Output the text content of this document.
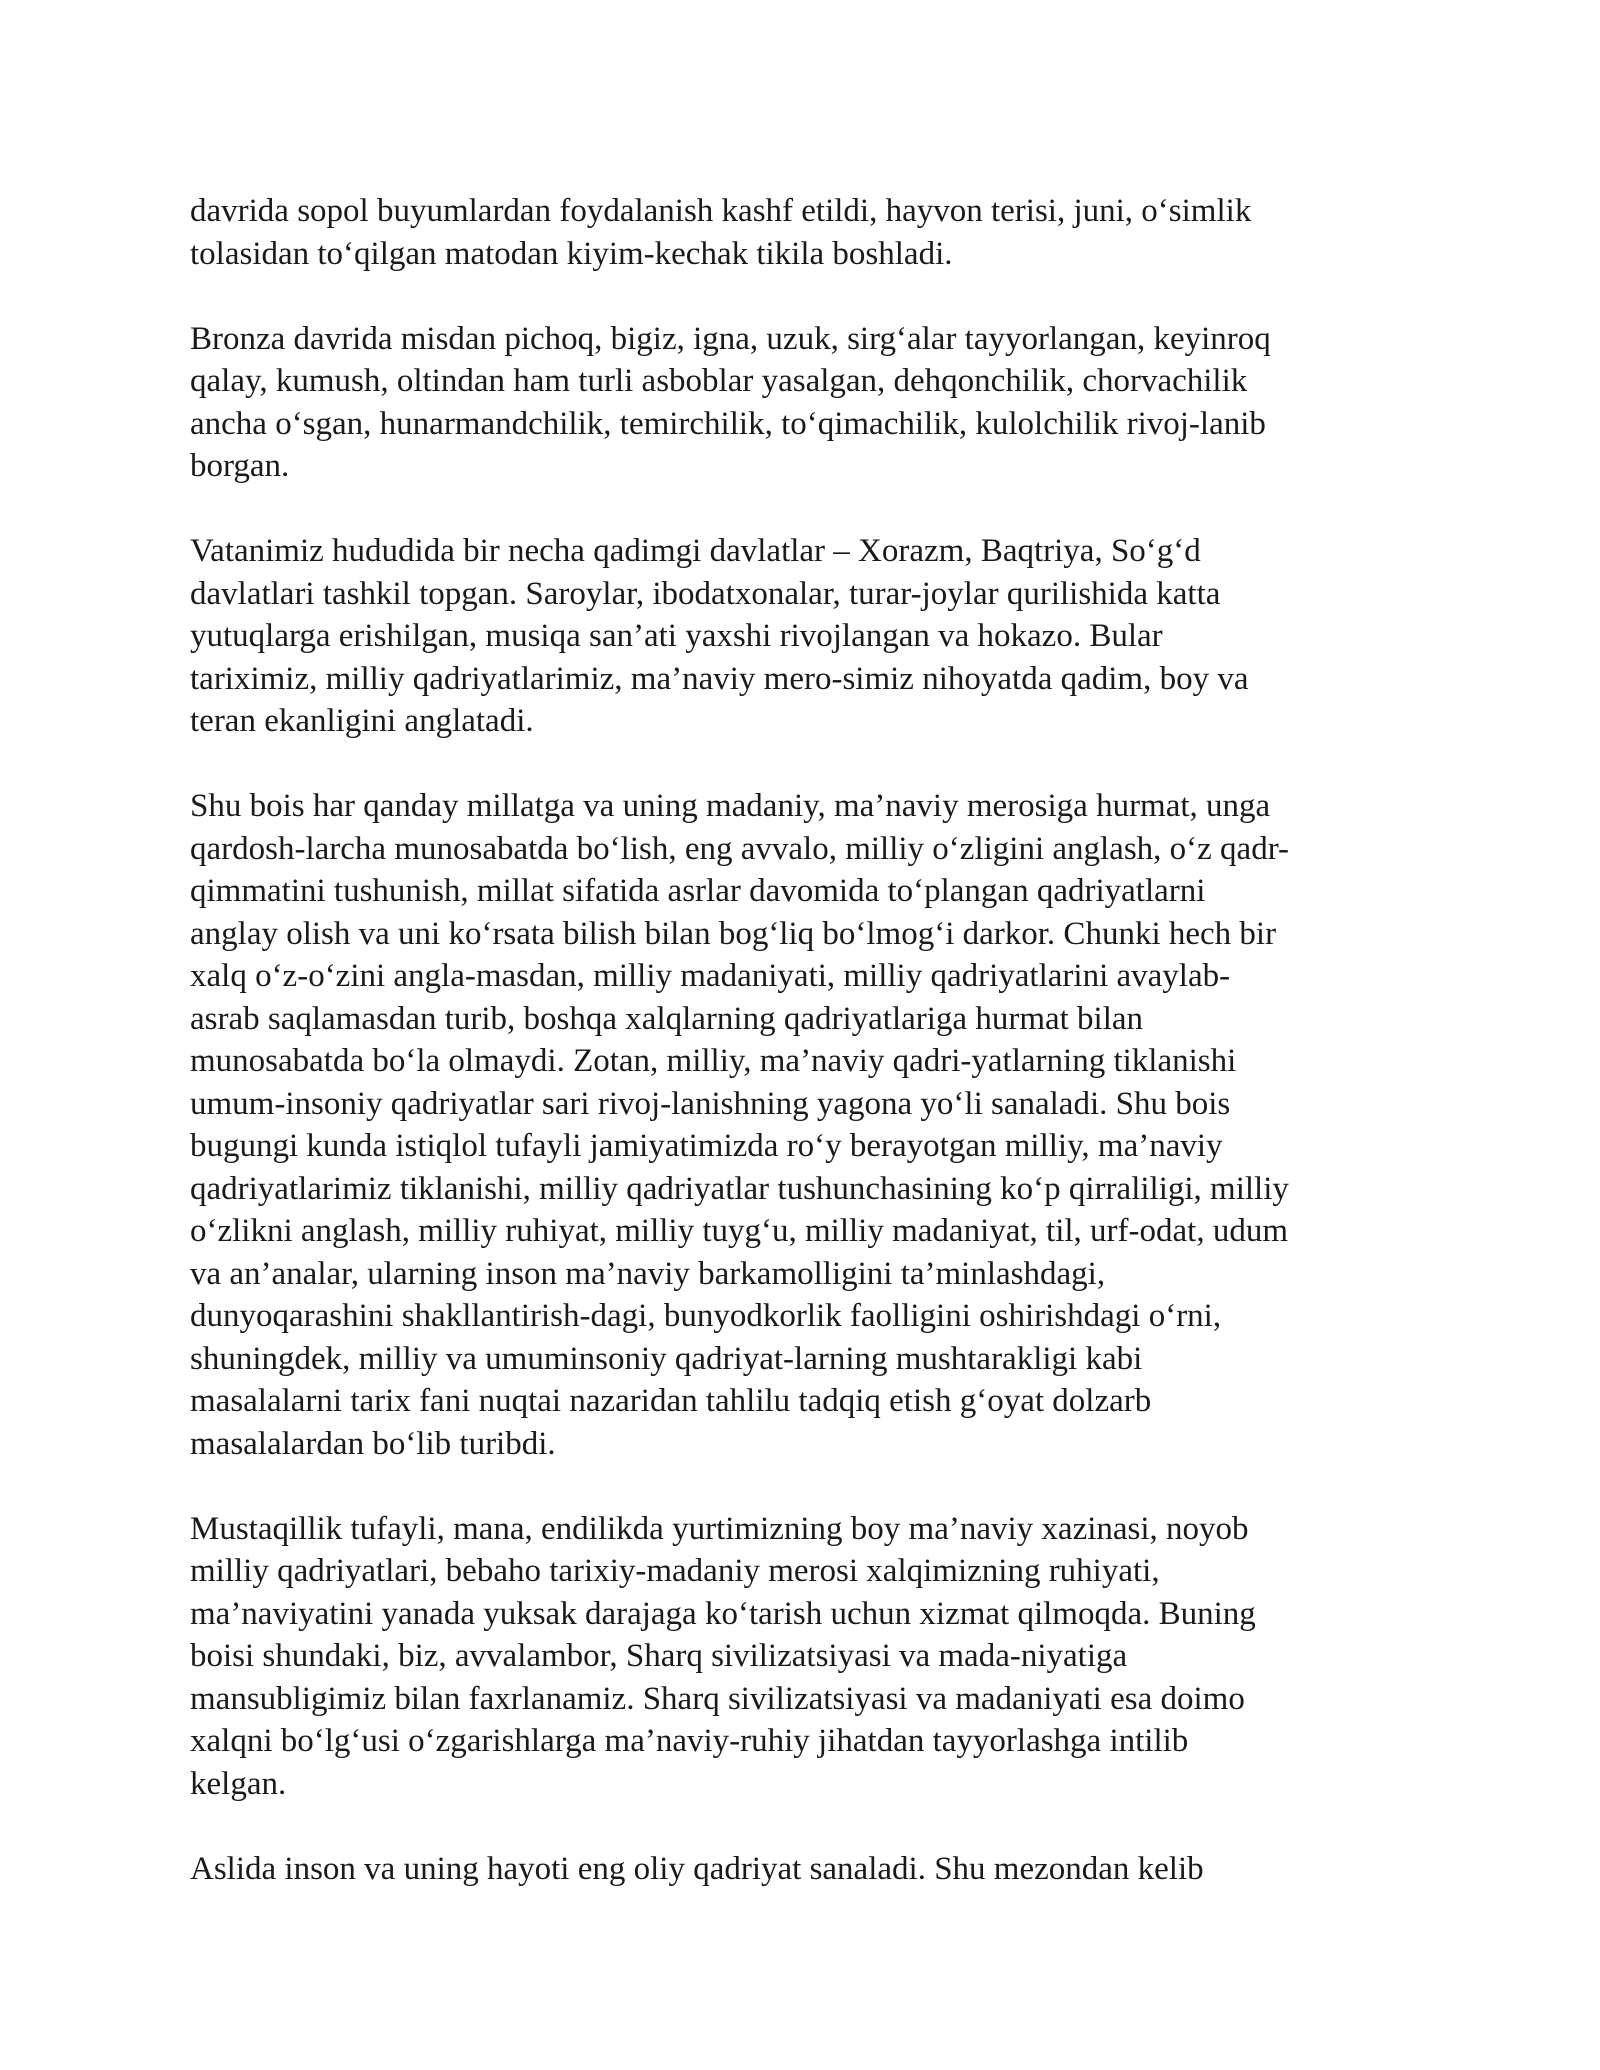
davrida sopol buyumlardan foydalanish kashf etildi, hayvon terisi, juni, o‘simlik
tolasidan to‘qilgan matodan kiyim-kechak tikila boshladi.

Bronza davrida misdan pichoq, bigiz, igna, uzuk, sirg‘alar tayyorlangan, keyinroq
qalay, kumush, oltindan ham turli asboblar yasalgan, dehqonchilik, chorvachilik
ancha o‘sgan, hunarmandchilik, temirchilik, to‘qimachilik, kulolchilik rivoj-lanib
borgan.

Vatanimiz hududida bir necha qadimgi davlatlar – Xorazm, Baqtriya, So‘g‘d
davlatlari tashkil topgan. Saroylar, ibodatxonalar, turar-joylar qurilishida katta
yutuqlarga erishilgan, musiqa san’ati yaxshi rivojlangan va hokazo. Bular
tariximiz, milliy qadriyatlarimiz, ma’naviy mero-simiz nihoyatda qadim, boy va
teran ekanligini anglatadi.

Shu bois har qanday millatga va uning madaniy, ma’naviy merosiga hurmat, unga
qardosh-larcha munosabatda bo‘lish, eng avvalo, milliy o‘zligini anglash, o‘z qadr-
qimmatini tushunish, millat sifatida asrlar davomida to‘plangan qadriyatlarni
anglay olish va uni ko‘rsata bilish bilan bog‘liq bo‘lmog‘i darkor. Chunki hech bir
xalq o‘z-o‘zini angla-masdan, milliy madaniyati, milliy qadriyatlarini avaylab-
asrab saqlamasdan turib, boshqa xalqlarning qadriyatlariga hurmat bilan
munosabatda bo‘la olmaydi. Zotan, milliy, ma’naviy qadri-yatlarning tiklanishi
umum-insoniy qadriyatlar sari rivoj-lanishning yagona yo‘li sanaladi. Shu bois
bugungi kunda istiqlol tufayli jamiyatimizda ro‘y berayotgan milliy, ma’naviy
qadriyatlarimiz tiklanishi, milliy qadriyatlar tushunchasining ko‘p qirraliligi, milliy
o‘zlikni anglash, milliy ruhiyat, milliy tuyg‘u, milliy madaniyat, til, urf-odat, udum
va an’analar, ularning inson ma’naviy barkamolligini ta’minlashdagi,
dunyoqarashini shakllantirish-dagi, bunyodkorlik faolligini oshirishdagi o‘rni,
shuningdek, milliy va umuminsoniy qadriyat-larning mushtarakligi kabi
masalalarni tarix fani nuqtai nazaridan tahlilu tadqiq etish g‘oyat dolzarb
masalalardan bo‘lib turibdi.

Mustaqillik tufayli, mana, endilikda yurtimizning boy ma’naviy xazinasi, noyob
milliy qadriyatlari, bebaho tarixiy-madaniy merosi xalqimizning ruhiyati,
ma’naviyatini yanada yuksak darajaga ko‘tarish uchun xizmat qilmoqda. Buning
boisi shundaki, biz, avvalambor, Sharq sivilizatsiyasi va mada-niyatiga
mansubligimiz bilan faxrlanamiz. Sharq sivilizatsiyasi va madaniyati esa doimo
xalqni bo‘lg‘usi o‘zgarishlarga ma’naviy-ruhiy jihatdan tayyorlashga intilib
kelgan.

Aslida inson va uning hayoti eng oliy qadriyat sanaladi. Shu mezondan kelib
